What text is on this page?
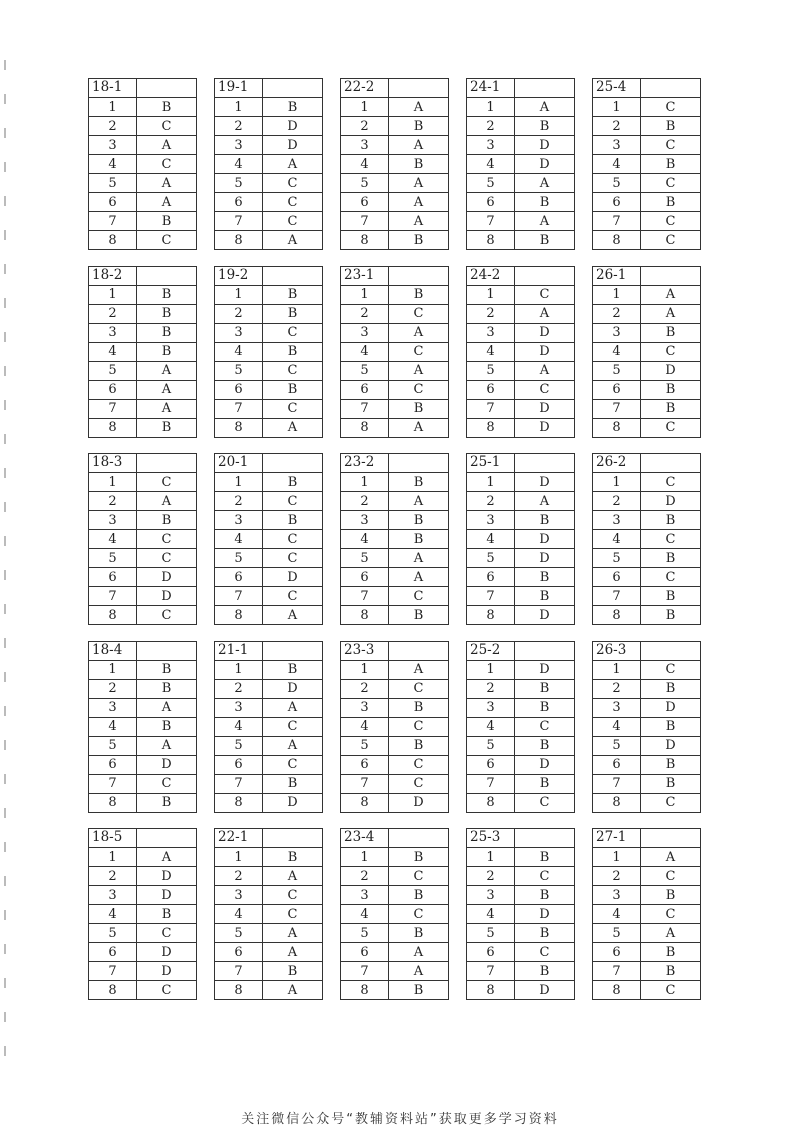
18-1	
1	B
2	C
3	A
4	C
5	A
6	A
7	B
8	C
19-1	
1	B
2	D
3	D
4	A
5	C
6	C
7	C
8	A
22-2	
1	A
2	B
3	A
4	B
5	A
6	A
7	A
8	B
24-1	
1	A
2	B
3	D
4	D
5	A
6	B
7	A
8	B
25-4	
1	C
2	B
3	C
4	B
5	C
6	B
7	C
8	C
18-2	
1	B
2	B
3	B
4	B
5	A
6	A
7	A
8	B
19-2	
1	B
2	B
3	C
4	B
5	C
6	B
7	C
8	A
23-1	
1	B
2	C
3	A
4	C
5	A
6	C
7	B
8	A
24-2	
1	C
2	A
3	D
4	D
5	A
6	C
7	D
8	D
26-1	
1	A
2	A
3	B
4	C
5	D
6	B
7	B
8	C
18-3	
1	C
2	A
3	B
4	C
5	C
6	D
7	D
8	C
20-1	
1	B
2	C
3	B
4	C
5	C
6	D
7	C
8	A
23-2	
1	B
2	A
3	B
4	B
5	A
6	A
7	C
8	B
25-1	
1	D
2	A
3	B
4	D
5	D
6	B
7	B
8	D
26-2	
1	C
2	D
3	B
4	C
5	B
6	C
7	B
8	B
18-4	
1	B
2	B
3	A
4	B
5	A
6	D
7	C
8	B
21-1	
1	B
2	D
3	A
4	C
5	A
6	C
7	B
8	D
23-3	
1	A
2	C
3	B
4	C
5	B
6	C
7	C
8	D
25-2	
1	D
2	B
3	B
4	C
5	B
6	D
7	B
8	C
26-3	
1	C
2	B
3	D
4	B
5	D
6	B
7	B
8	C
18-5	
1	A
2	D
3	D
4	B
5	C
6	D
7	D
8	C
22-1	
1	B
2	A
3	C
4	C
5	A
6	A
7	B
8	A
23-4	
1	B
2	C
3	B
4	C
5	B
6	A
7	A
8	B
25-3	
1	B
2	C
3	B
4	D
5	B
6	C
7	B
8	D
27-1	
1	A
2	C
3	B
4	C
5	A
6	B
7	B
8	C
关注微信公众号“教辅资料站”获取更多学习资料
